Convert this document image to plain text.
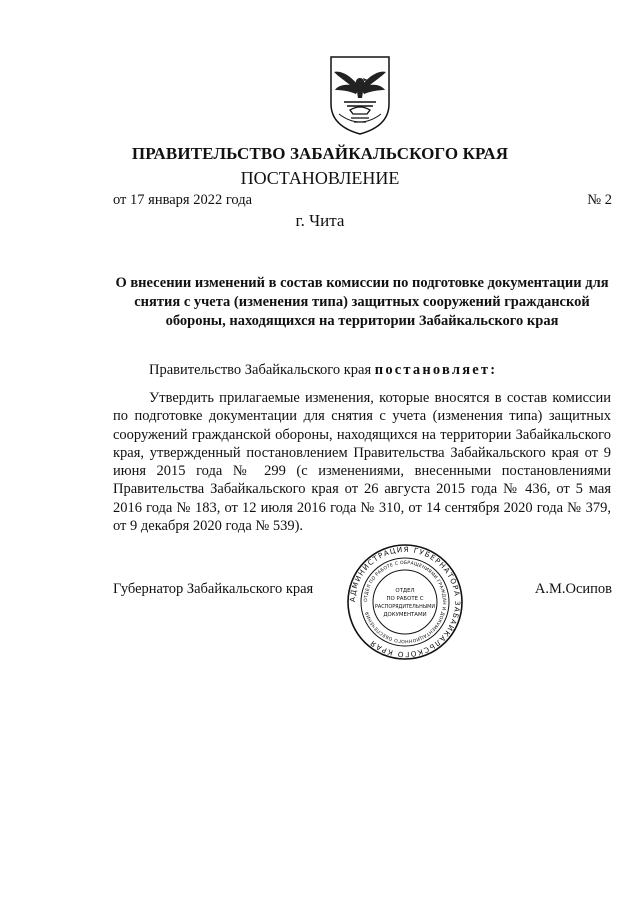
ПРАВИТЕЛЬСТВО ЗАБАЙКАЛЬСКОГО КРАЯ
ПОСТАНОВЛЕНИЕ
от 17 января 2022 года	№ 2
г. Чита
О внесении изменений в состав комиссии по подготовке документации для снятия с учета (изменения типа) защитных сооружений гражданской обороны, находящихся на территории Забайкальского края
Правительство Забайкальского края постановляет:
Утвердить прилагаемые изменения, которые вносятся в состав комиссии по подготовке документации для снятия с учета (изменения типа) защитных сооружений гражданской обороны, находящихся на территории Забайкальского края, утвержденный постановлением Правительства Забайкальского края от 9 июня 2015 года № 299 (с изменениями, внесенными постановлениями Правительства Забайкальского края от 26 августа 2015 года № 436, от 5 мая 2016 года № 183, от 12 июля 2016 года № 310, от 14 сентября 2020 года № 379, от 9 декабря 2020 года № 539).
Губернатор Забайкальского края
АДМИНИСТРАЦИЯ ГУБЕРНАТОРА ЗАБАЙКАЛЬСКОГО КРАЯ
ОТДЕЛ ПО РАБОТЕ С ОБРАЩЕНИЯМИ ГРАЖДАН И ДОКУМЕНТАЦИОННОГО ОБЕСПЕЧЕНИЯ
ОТДЕЛ
ПО РАБОТЕ С
РАСПОРЯДИТЕЛЬНЫМИ
ДОКУМЕНТАМИ
А.М.Осипов
